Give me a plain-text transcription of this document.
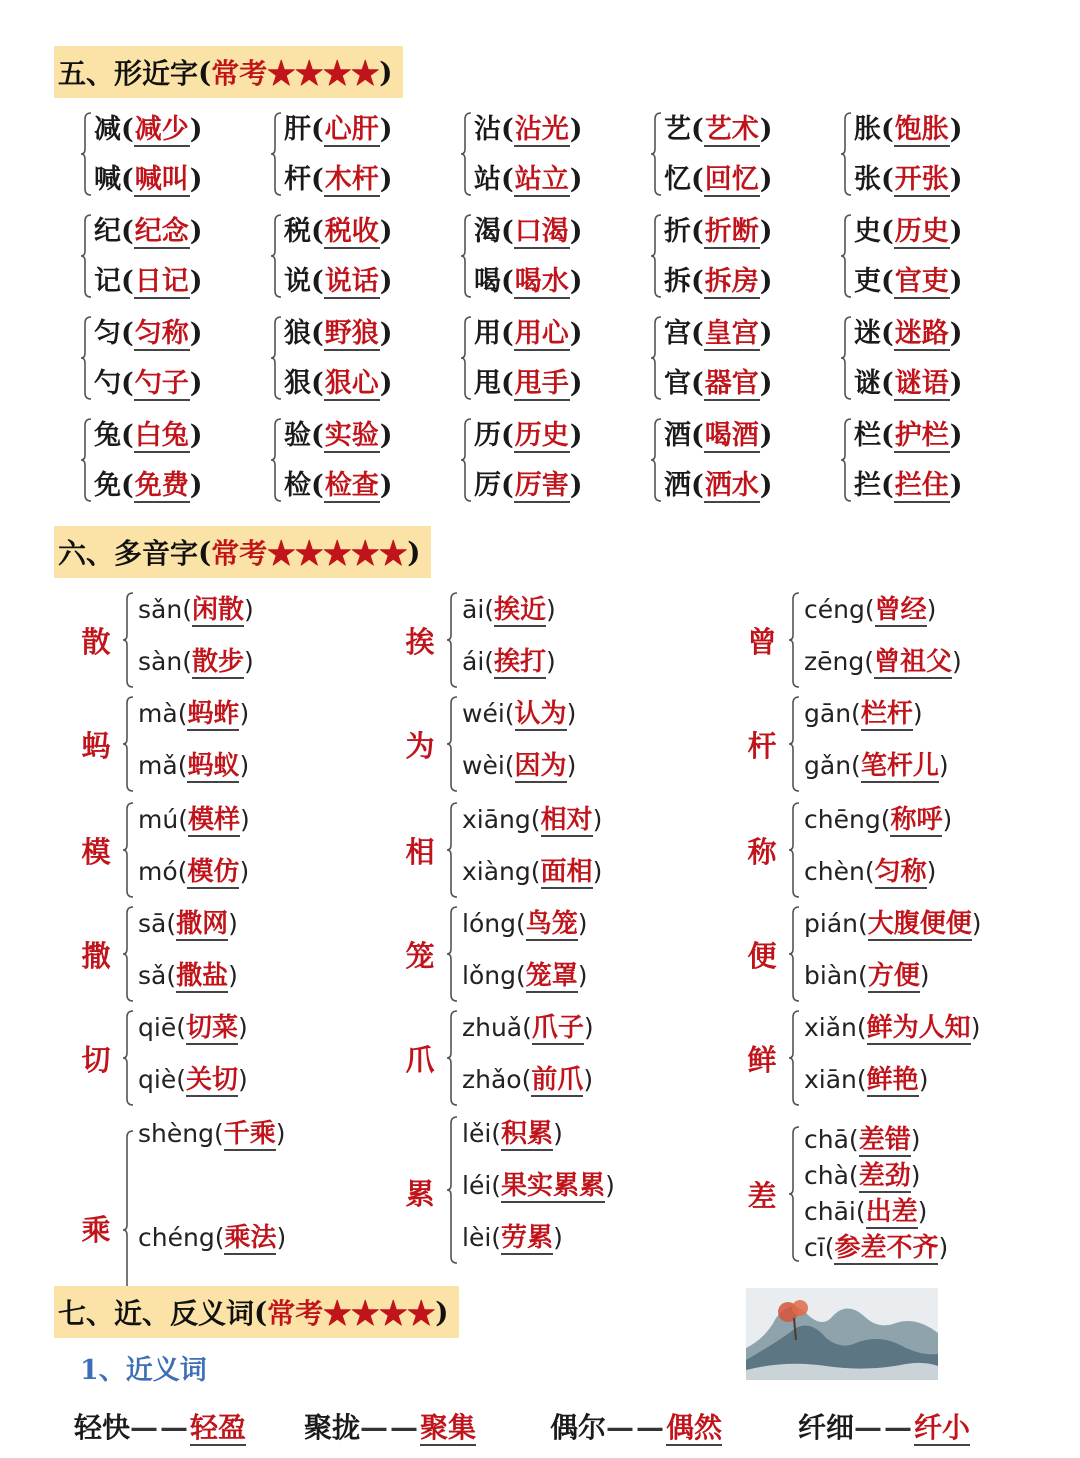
五、 形近字 ( 常考★★★★ )
减(减少)
喊(喊叫)
肝(心肝)
杆(木杆)
沾(沾光)
站(站立)
艺(艺术)
忆(回忆)
胀(饱胀)
张(开张)
纪(纪念)
记(日记)
税(税收)
说(说话)
渴(口渴)
喝(喝水)
折(折断)
拆(拆房)
史(历史)
吏(官吏)
匀(匀称)
勺(勺子)
狼(野狼)
狠(狠心)
用(用心)
甩(甩手)
宫(皇宫)
官(器官)
迷(迷路)
谜(谜语)
兔(白兔)
免(免费)
验(实验)
检(检查)
历(历史)
厉(厉害)
酒(喝酒)
洒(洒水)
栏(护栏)
拦(拦住)
六、 多音字 ( 常考★★★★★ )
散
sǎn(闲散)
sàn(散步)
挨
āi(挨近)
ái(挨打)
曾
céng(曾经)
zēng(曾祖父)
蚂
mà(蚂蚱)
mǎ(蚂蚁)
为
wéi(认为)
wèi(因为)
杆
gān(栏杆)
gǎn(笔杆儿)
模
mú(模样)
mó(模仿)
相
xiāng(相对)
xiàng(面相)
称
chēng(称呼)
chèn(匀称)
撒
sā(撒网)
sǎ(撒盐)
笼
lóng(鸟笼)
lǒng(笼罩)
便
pián(大腹便便)
biàn(方便)
切
qiē(切菜)
qiè(关切)
爪
zhuǎ(爪子)
zhǎo(前爪)
鲜
xiǎn(鲜为人知)
xiān(鲜艳)
乘
shèng(千乘)
chéng(乘法)
累
lěi(积累)
léi(果实累累)
lèi(劳累)
差
chā(差错)
chà(差劲)
chāi(出差)
cī(参差不齐)
七、 近、反义词 ( 常考★★★★ )
1、近义词
轻快——轻盈 聚拢——聚集	偶尔——偶然	纤细——纤小
